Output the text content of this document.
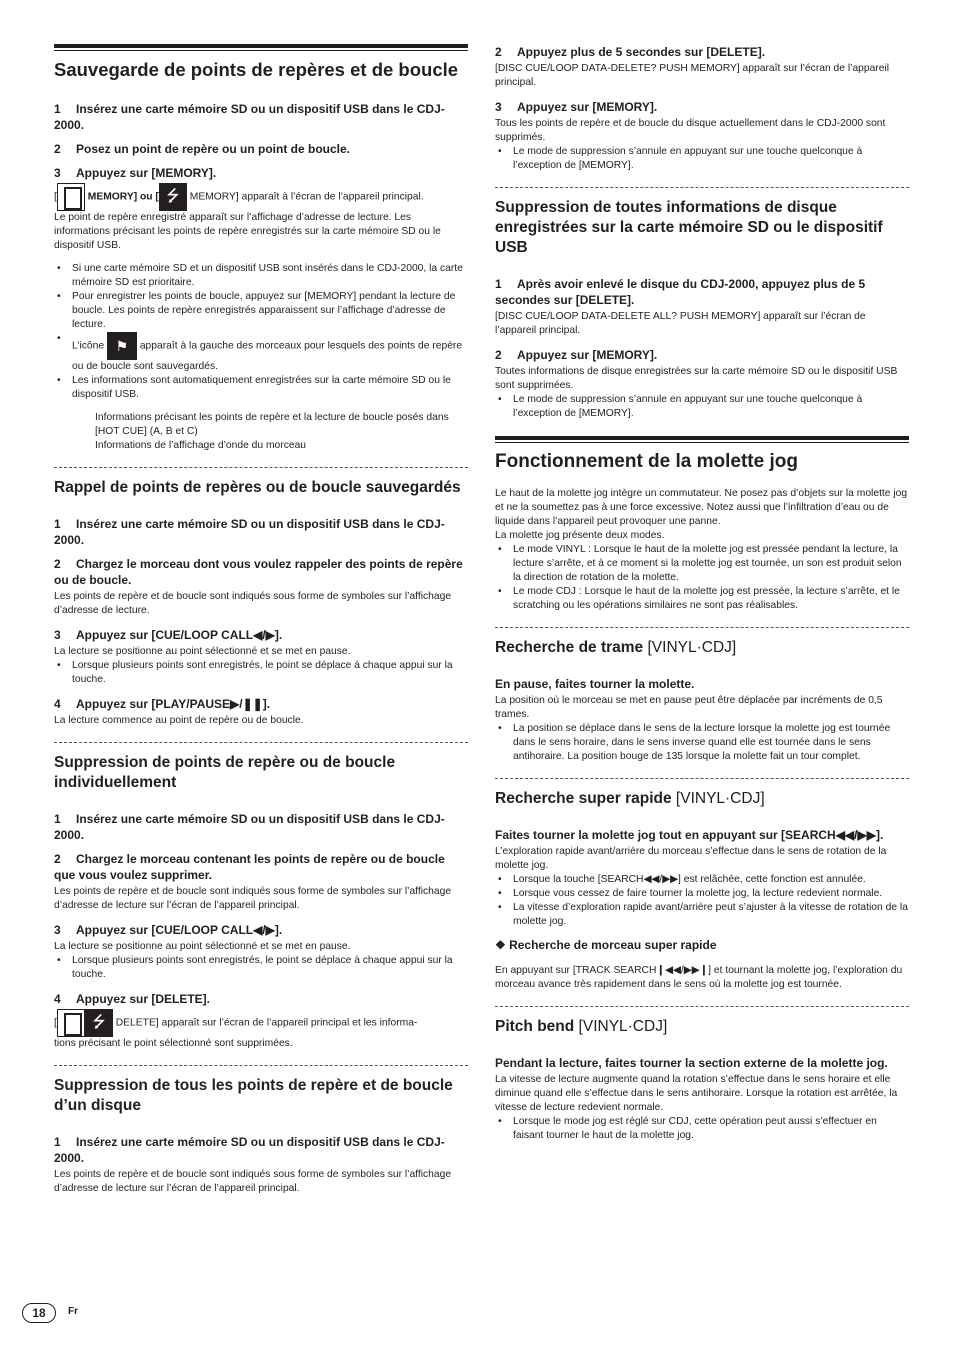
Sauvegarde de points de repères et de boucle
1 Insérez une carte mémoire SD ou un dispositif USB dans le CDJ-2000.
2 Posez un point de repère ou un point de boucle.
3 Appuyez sur [MEMORY].
[	MEMORY] ou [ ⭍ MEMORY] apparaît à l’écran de l’appareil principal.
Le point de repère enregistré apparaît sur l’affichage d’adresse de lecture. Les informations précisant les points de repère enregistrés sur la carte mémoire SD ou le dispositif USB.
• Si une carte mémoire SD et un dispositif USB sont insérés dans le CDJ-2000, la carte mémoire SD est prioritaire.
• Pour enregistrer les points de boucle, appuyez sur [MEMORY] pendant la lecture de boucle. Les points de repère enregistrés apparaissent sur l’affichage d’adresse de lecture.
• L’icône ⚑ apparaît à la gauche des morceaux pour lesquels des points de repère ou de boucle sont sauvegardés.
• Les informations sont automatiquement enregistrées sur la carte mémoire SD ou le dispositif USB.
Informations précisant les points de repère et la lecture de boucle posés dans [HOT CUE] (A, B et C)
Informations de l’affichage d’onde du morceau
Rappel de points de repères ou de boucle sauvegardés
1 Insérez une carte mémoire SD ou un dispositif USB dans le CDJ-2000.
2 Chargez le morceau dont vous voulez rappeler des points de repère ou de boucle.
Les points de repère et de boucle sont indiqués sous forme de symboles sur l’affichage d’adresse de lecture.
3 Appuyez sur [CUE/LOOP CALL◀/▶].
La lecture se positionne au point sélectionné et se met en pause.
• Lorsque plusieurs points sont enregistrés, le point se déplace à chaque appui sur la touche.
4 Appuyez sur [PLAY/PAUSE▶/❚❚].
La lecture commence au point de repère ou de boucle.
Suppression de points de repère ou de boucle individuellement
1 Insérez une carte mémoire SD ou un dispositif USB dans le CDJ-2000.
2 Chargez le morceau contenant les points de repère ou de boucle que vous voulez supprimer.
Les points de repère et de boucle sont indiqués sous forme de symboles sur l’affichage d’adresse de lecture sur l’écran de l’appareil principal.
3 Appuyez sur [CUE/LOOP CALL◀/▶].
La lecture se positionne au point sélectionné et se met en pause.
• Lorsque plusieurs points sont enregistrés, le point se déplace à chaque appui sur la touche.
4 Appuyez sur [DELETE].
[ ⭍ DELETE] apparaît sur l’écran de l’appareil principal et les informa-
tions précisant le point sélectionné sont supprimées.
Suppression de tous les points de repère et de boucle d’un disque
1 Insérez une carte mémoire SD ou un dispositif USB dans le CDJ-2000.
Les points de repère et de boucle sont indiqués sous forme de symboles sur l’affichage d’adresse de lecture sur l’écran de l’appareil principal.
2 Appuyez plus de 5 secondes sur [DELETE].
[DISC CUE/LOOP DATA-DELETE? PUSH MEMORY] apparaît sur l’écran de l’appareil principal.
3 Appuyez sur [MEMORY].
Tous les points de repère et de boucle du disque actuellement dans le CDJ-2000 sont supprimés.
• Le mode de suppression s’annule en appuyant sur une touche quelconque à l’exception de [MEMORY].
Suppression de toutes informations de disque enregistrées sur la carte mémoire SD ou le dispositif USB
1 Après avoir enlevé le disque du CDJ-2000, appuyez plus de 5 secondes sur [DELETE].
[DISC CUE/LOOP DATA-DELETE ALL? PUSH MEMORY] apparaît sur l’écran de l’appareil principal.
2 Appuyez sur [MEMORY].
Toutes informations de disque enregistrées sur la carte mémoire SD ou le dispositif USB sont supprimées.
• Le mode de suppression s’annule en appuyant sur une touche quelconque à l’exception de [MEMORY].
Fonctionnement de la molette jog
Le haut de la molette jog intègre un commutateur. Ne posez pas d’objets sur la molette jog et ne la soumettez pas à une force excessive. Notez aussi que l’infiltration d’eau ou de liquide dans l’appareil peut provoquer une panne.
La molette jog présente deux modes.
• Le mode VINYL : Lorsque le haut de la molette jog est pressée pendant la lecture, la lecture s’arrête, et à ce moment si la molette jog est tournée, un son est produit selon la direction de rotation de la molette.
• Le mode CDJ : Lorsque le haut de la molette jog est pressée, la lecture s’arrête, et le scratching ou les opérations similaires ne sont pas réalisables.
Recherche de trame [VINYL·CDJ]
En pause, faites tourner la molette.
La position où le morceau se met en pause peut être déplacée par incréments de 0,5 trames.
• La position se déplace dans le sens de la lecture lorsque la molette jog est tournée dans le sens horaire, dans le sens inverse quand elle est tournée dans le sens antihoraire. La position bouge de 135 lorsque la molette fait un tour complet.
Recherche super rapide [VINYL·CDJ]
Faites tourner la molette jog tout en appuyant sur [SEARCH◀◀/▶▶].
L’exploration rapide avant/arrière du morceau s’effectue dans le sens de rotation de la molette jog.
• Lorsque la touche [SEARCH◀◀/▶▶] est relâchée, cette fonction est annulée.
• Lorsque vous cessez de faire tourner la molette jog, la lecture redevient normale.
• La vitesse d’exploration rapide avant/arrière peut s’ajuster à la vitesse de rotation de la molette jog.
❖ Recherche de morceau super rapide
En appuyant sur [TRACK SEARCH❙◀◀/▶▶❙] et tournant la molette jog, l’exploration du morceau avance très rapidement dans le sens où la molette jog est tournée.
Pitch bend [VINYL·CDJ]
Pendant la lecture, faites tourner la section externe de la molette jog.
La vitesse de lecture augmente quand la rotation s’effectue dans le sens horaire et elle diminue quand elle s’effectue dans le sens antihoraire. Lorsque la rotation est arrêtée, la vitesse de lecture redevient normale.
• Lorsque le mode jog est réglé sur CDJ, cette opération peut aussi s’effectuer en faisant tourner le haut de la molette jog.
18	Fr
